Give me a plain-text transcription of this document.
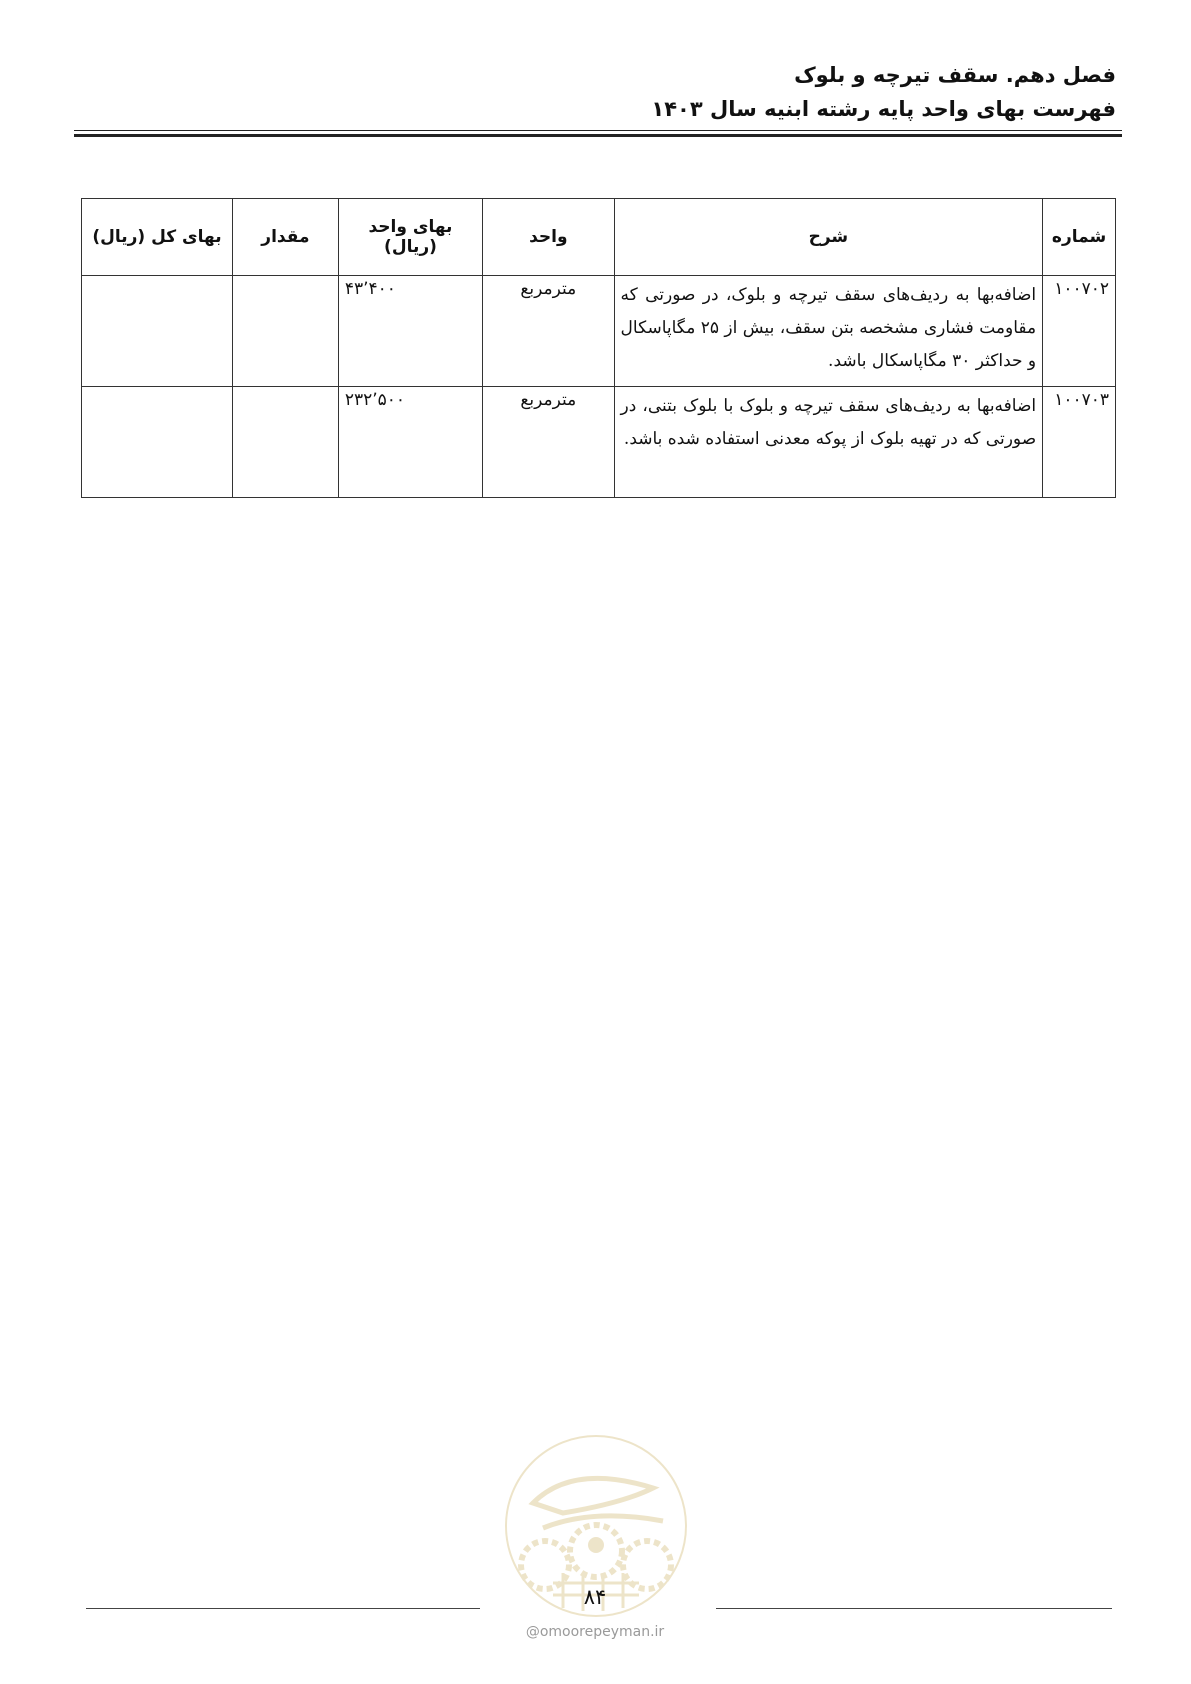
فصل دهم. سقف تیرچه و بلوک
فهرست بهای واحد پایه رشته ابنیه سال ۱۴۰۳
شماره	شرح	واحد	بهای واحد (ریال)	مقدار	بهای کل (ریال)
۱۰۰۷۰۲	اضافه‌بها به ردیف‌های سقف تیرچه و بلوک، در صورتی که مقاومت فشاری مشخصه بتن سقف، بیش از ۲۵ مگاپاسکال و حداکثر ۳۰ مگاپاسکال باشد.	مترمربع	۴۳٬۴۰۰		
۱۰۰۷۰۳	اضافه‌بها به ردیف‌های سقف تیرچه و بلوک با بلوک بتنی، در صورتی که در تهیه بلوک از پوکه معدنی استفاده شده باشد.	مترمربع	۲۳۲٬۵۰۰		
۸۴
@omoorepeyman.ir
